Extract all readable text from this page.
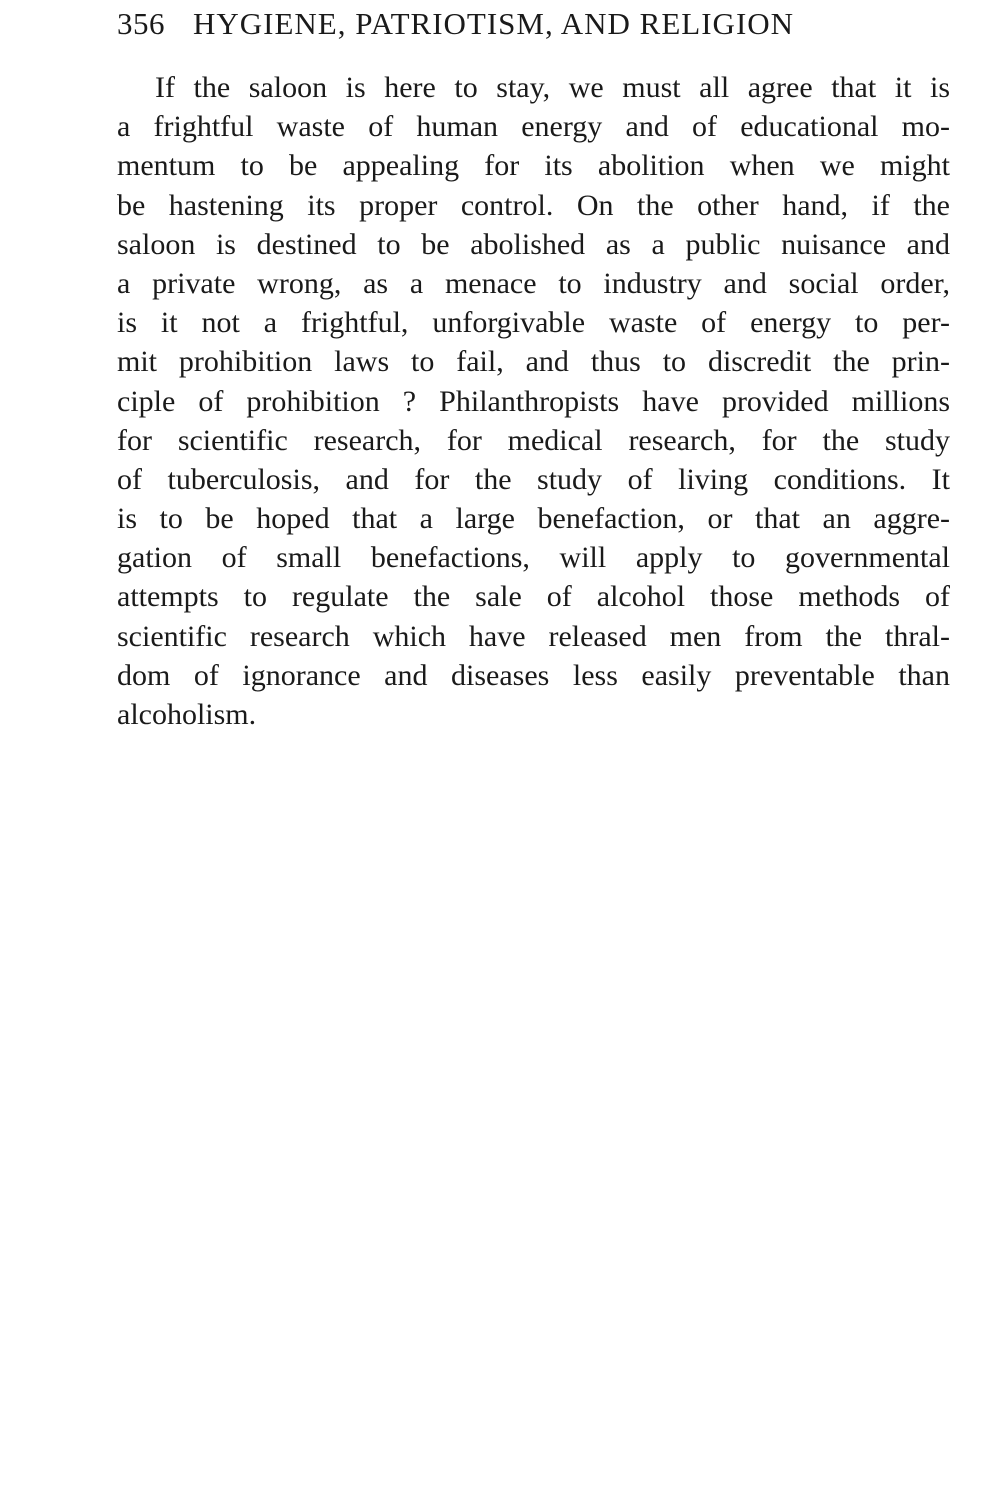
356 HYGIENE, PATRIOTISM, AND RELIGION

If the saloon is here to stay, we must all agree that it is
a frightful waste of human energy and of educational mo-
mentum to be appealing for its abolition when we might
be hastening its proper control. On the other hand, if the
saloon is destined to be abolished as a public nuisance and
a private wrong, as a menace to industry and social order,
is it not a frightful, unforgivable waste of energy to per-
mit prohibition laws to fail, and thus to discredit the prin-
ciple of prohibition ? Philanthropists have provided millions
for scientific research, for medical research, for the study
of tuberculosis, and for the study of living conditions. It
is to be hoped that a large benefaction, or that an aggre-
gation of small benefactions, will apply to governmental
attempts to regulate the sale of alcohol those methods of
scientific research which have released men from the thral-
dom of ignorance and diseases less easily preventable than
alcoholism.
